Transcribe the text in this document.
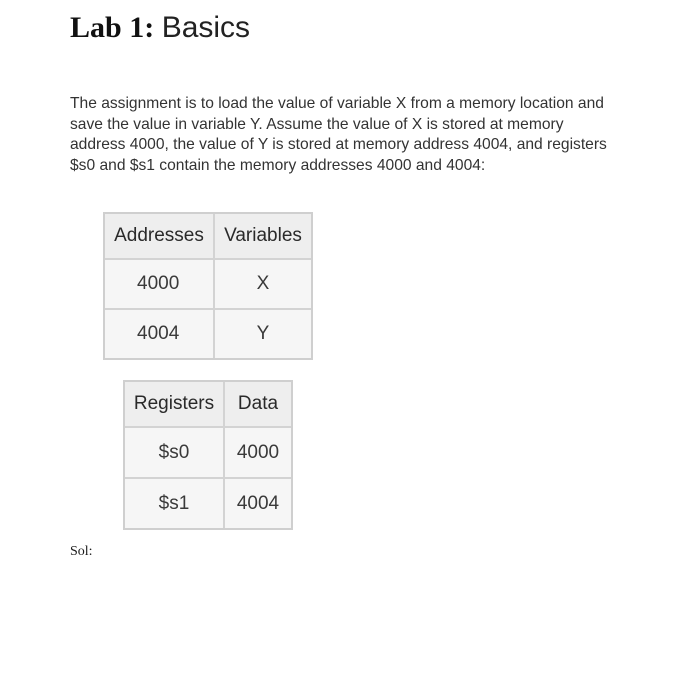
Lab 1: Basics

The assignment is to load the value of variable X from a memory location and
save the value in variable Y. Assume the value of X is stored at memory
address 4000, the value of Y is stored at memory address 4004, and registers
$s0 and $s1 contain the memory addresses 4000 and 4004:

Addresses	Variables
4000	X
4004	Y
Registers	Data
$s0	4000
$s1	4004
Sol:
